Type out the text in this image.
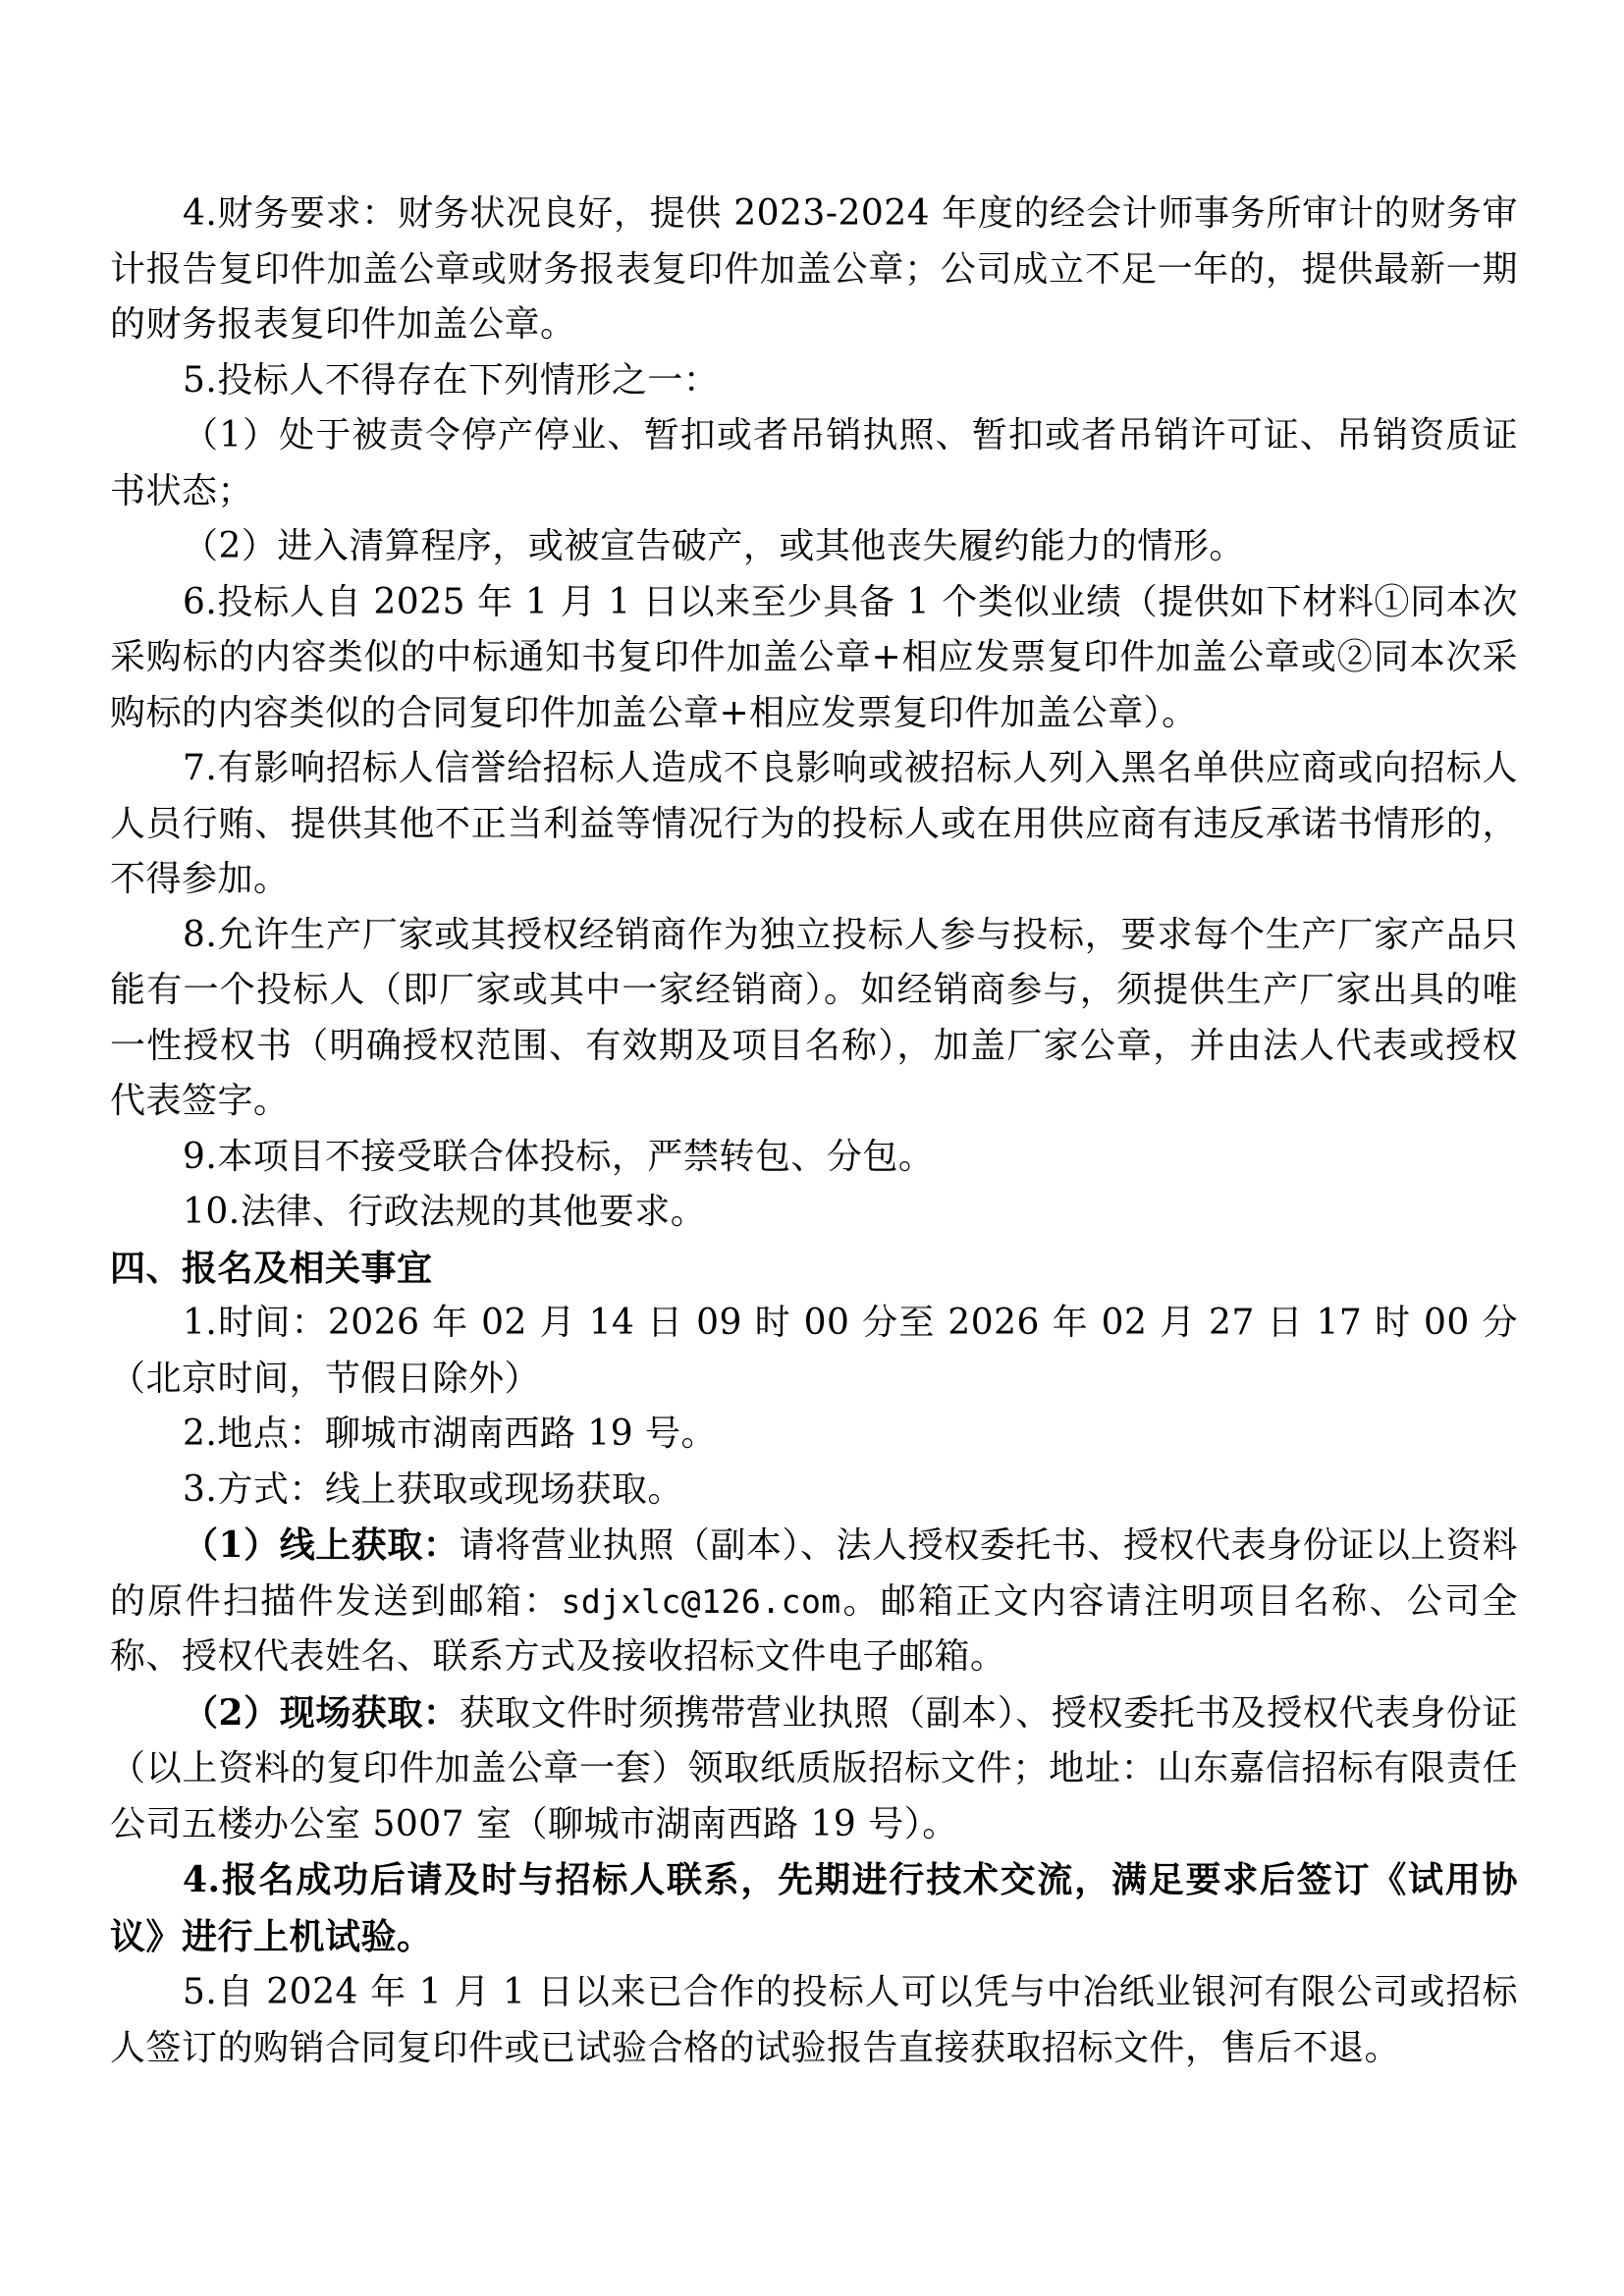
4.财务要求：财务状况良好，提供 2023-2024 年度的经会计师事务所审计的财务审计报告复印件加盖公章或财务报表复印件加盖公章；公司成立不足一年的，提供最新一期的财务报表复印件加盖公章。

5.投标人不得存在下列情形之一：

（1）处于被责令停产停业、暂扣或者吊销执照、暂扣或者吊销许可证、吊销资质证书状态；

（2）进入清算程序，或被宣告破产，或其他丧失履约能力的情形。

6.投标人自 2025 年 1 月 1 日以来至少具备 1 个类似业绩（提供如下材料①同本次采购标的内容类似的中标通知书复印件加盖公章+相应发票复印件加盖公章或②同本次采购标的内容类似的合同复印件加盖公章+相应发票复印件加盖公章）。

7.有影响招标人信誉给招标人造成不良影响或被招标人列入黑名单供应商或向招标人人员行贿、提供其他不正当利益等情况行为的投标人或在用供应商有违反承诺书情形的，不得参加。

8.允许生产厂家或其授权经销商作为独立投标人参与投标，要求每个生产厂家产品只能有一个投标人（即厂家或其中一家经销商）。如经销商参与，须提供生产厂家出具的唯一性授权书（明确授权范围、有效期及项目名称），加盖厂家公章，并由法人代表或授权代表签字。

9.本项目不接受联合体投标，严禁转包、分包。

10.法律、行政法规的其他要求。

四、报名及相关事宜

1.时间：2026 年 02 月 14 日 09 时 00 分至 2026 年 02 月 27 日 17 时 00 分（北京时间，节假日除外）

2.地点：聊城市湖南西路 19 号。

3.方式：线上获取或现场获取。

（1）线上获取：请将营业执照（副本）、法人授权委托书、授权代表身份证以上资料的原件扫描件发送到邮箱：sdjxlc@126.com。邮箱正文内容请注明项目名称、公司全称、授权代表姓名、联系方式及接收招标文件电子邮箱。

（2）现场获取：获取文件时须携带营业执照（副本）、授权委托书及授权代表身份证（以上资料的复印件加盖公章一套）领取纸质版招标文件；地址：山东嘉信招标有限责任公司五楼办公室 5007 室（聊城市湖南西路 19 号）。

4.报名成功后请及时与招标人联系，先期进行技术交流，满足要求后签订《试用协议》进行上机试验。

5.自 2024 年 1 月 1 日以来已合作的投标人可以凭与中冶纸业银河有限公司或招标人签订的购销合同复印件或已试验合格的试验报告直接获取招标文件，售后不退。
